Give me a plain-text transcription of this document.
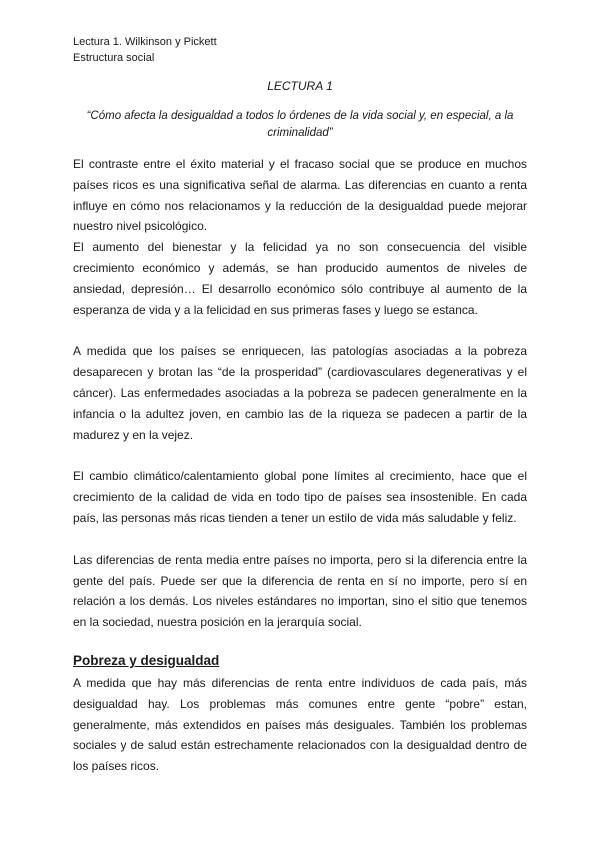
Lectura 1. Wilkinson y Pickett

Estructura social

LECTURA 1

“Cómo afecta la desigualdad a todos lo órdenes de la vida social y, en especial, a la criminalidad”

El contraste entre el éxito material y el fracaso social que se produce en muchos países ricos es una significativa señal de alarma. Las diferencias en cuanto a renta influye en cómo nos relacionamos y la reducción de la desigualdad puede mejorar nuestro nivel psicológico.

El aumento del bienestar y la felicidad ya no son consecuencia del visible crecimiento económico y además, se han producido aumentos de niveles de ansiedad, depresión… El desarrollo económico sólo contribuye al aumento de la esperanza de vida y a la felicidad en sus primeras fases y luego se estanca.

A medida que los países se enriquecen, las patologías asociadas a la pobreza desaparecen y brotan las “de la prosperidad” (cardiovasculares degenerativas y el cáncer). Las enfermedades asociadas a la pobreza se padecen generalmente en la infancia o la adultez joven, en cambio las de la riqueza se padecen a partir de la madurez y en la vejez.

El cambio climático/calentamiento global pone límites al crecimiento, hace que el crecimiento de la calidad de vida en todo tipo de países sea insostenible. En cada país, las personas más ricas tienden a tener un estilo de vida más saludable y feliz.

Las diferencias de renta media entre países no importa, pero si la diferencia entre la gente del país. Puede ser que la diferencia de renta en sí no importe, pero sí en relación a los demás. Los niveles estándares no importan, sino el sitio que tenemos en la sociedad, nuestra posición en la jerarquía social.

Pobreza y desigualdad

A medida que hay más diferencias de renta entre individuos de cada país, más desigualdad hay. Los problemas más comunes entre gente “pobre” estan, generalmente, más extendidos en países más desiguales. También los problemas sociales y de salud están estrechamente relacionados con la desigualdad dentro de los países ricos.
